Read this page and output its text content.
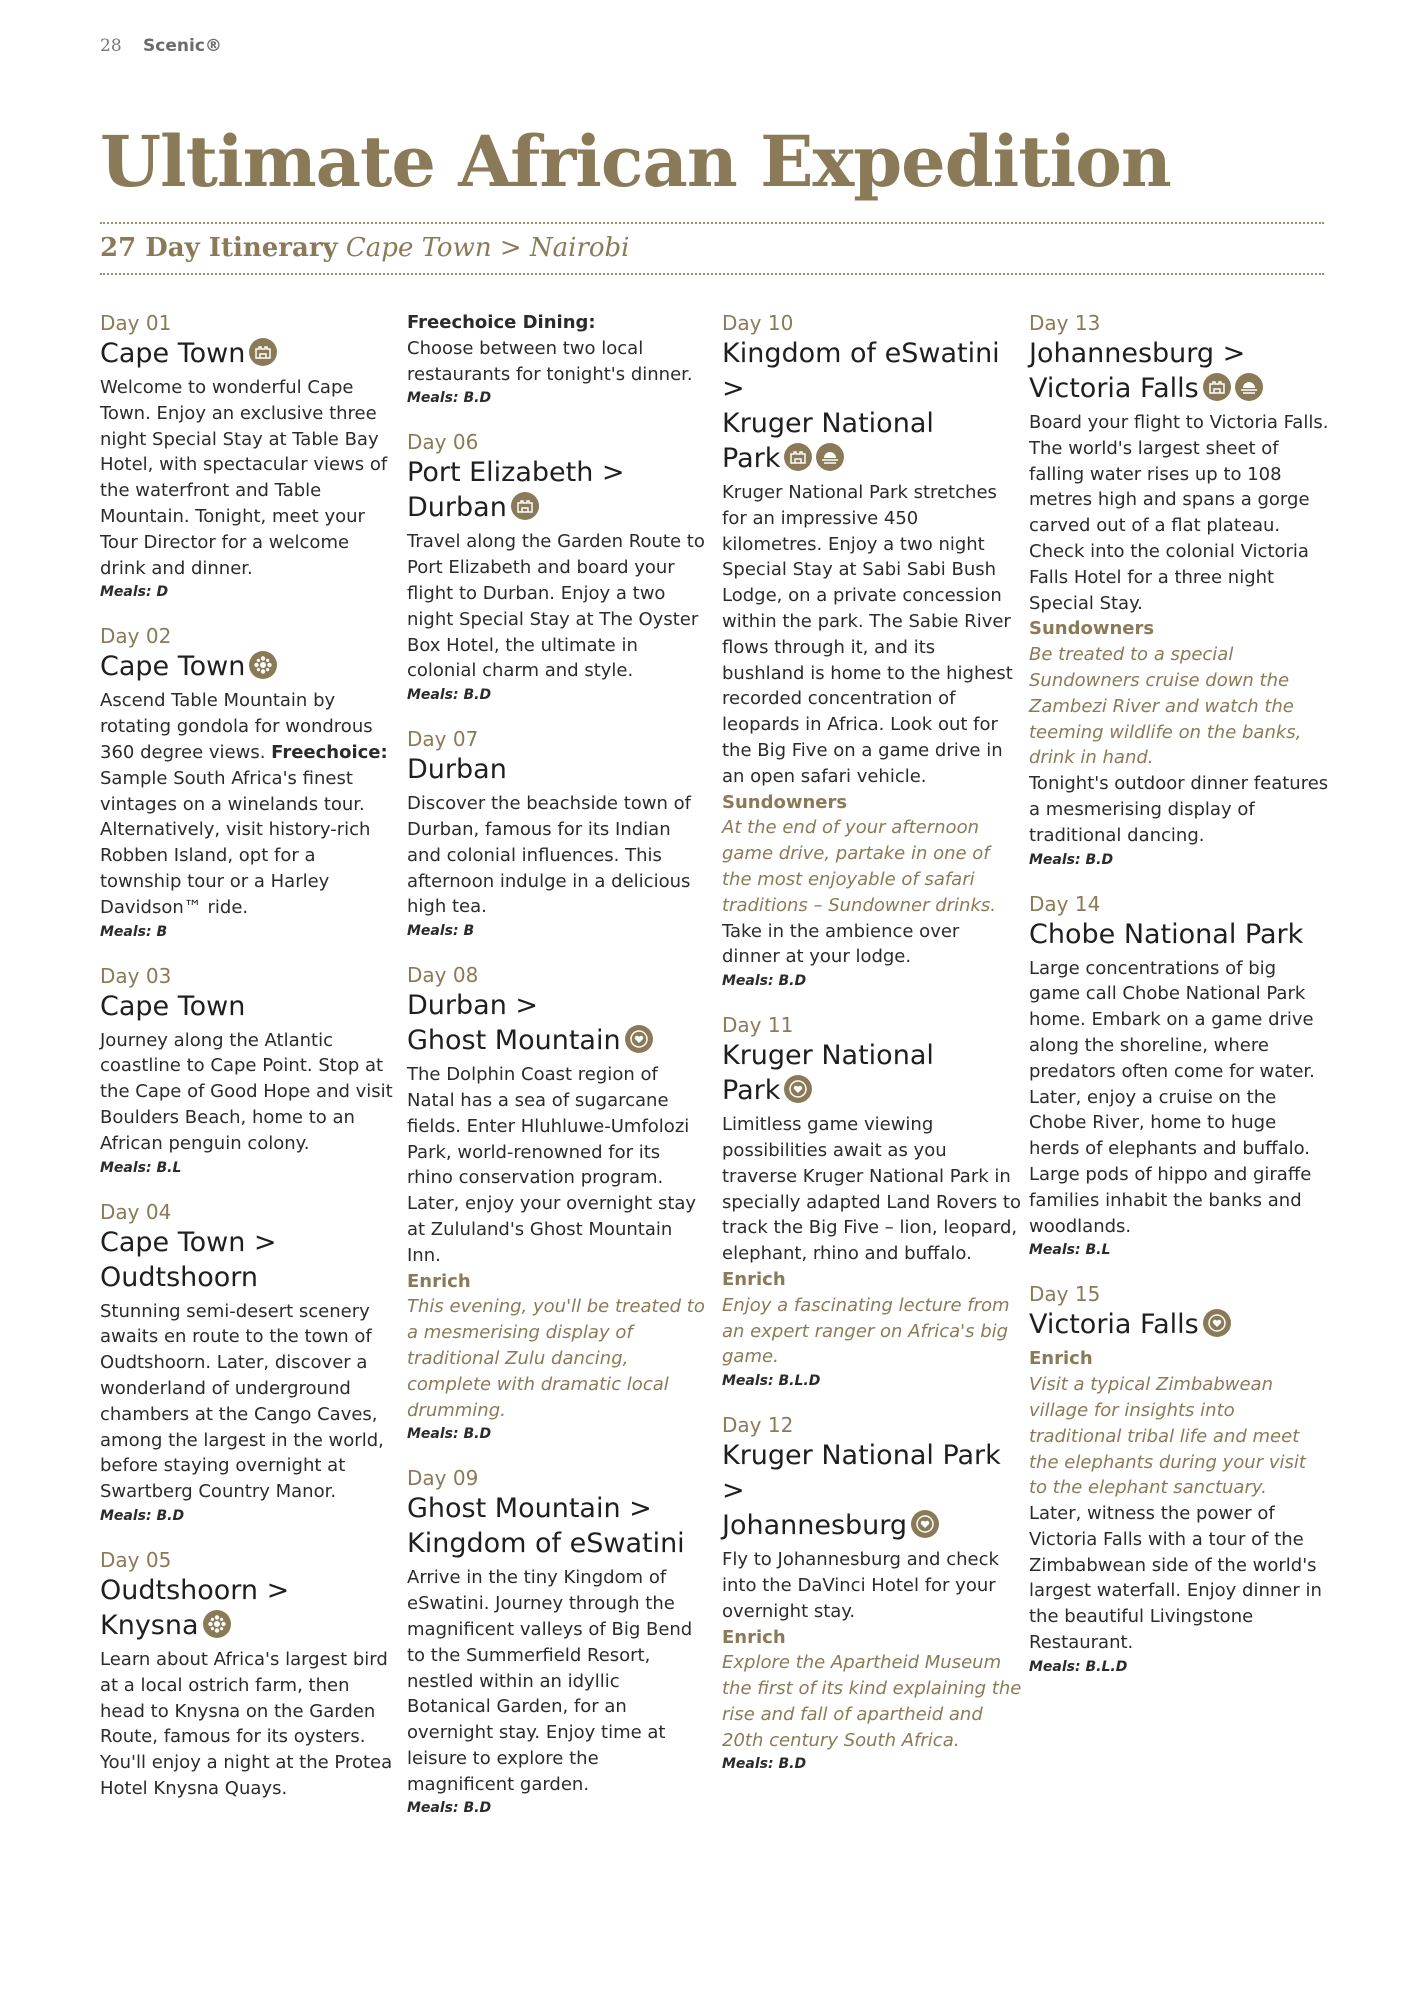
28 Scenic®
Ultimate African Expedition
27 Day Itinerary Cape Town > Nairobi
Day 01
Cape Town
Welcome to wonderful Cape Town. Enjoy an exclusive three night Special Stay at Table Bay Hotel, with spectacular views of the waterfront and Table Mountain. Tonight, meet your Tour Director for a welcome drink and dinner.
Meals: D
Day 02
Cape Town
Ascend Table Mountain by rotating gondola for wondrous 360 degree views. Freechoice: Sample South Africa's finest vintages on a winelands tour. Alternatively, visit history-rich Robben Island, opt for a township tour or a Harley Davidson™ ride.
Meals: B
Day 03
Cape Town
Journey along the Atlantic coastline to Cape Point. Stop at the Cape of Good Hope and visit Boulders Beach, home to an African penguin colony.
Meals: B.L
Day 04
Cape Town >
Oudtshoorn
Stunning semi-desert scenery awaits en route to the town of Oudtshoorn. Later, discover a wonderland of underground chambers at the Cango Caves, among the largest in the world, before staying overnight at Swartberg Country Manor.
Meals: B.D
Day 05
Oudtshoorn >
Knysna
Learn about Africa's largest bird at a local ostrich farm, then head to Knysna on the Garden Route, famous for its oysters. You'll enjoy a night at the Protea Hotel Knysna Quays.
Freechoice Dining:
Choose between two local restaurants for tonight's dinner.
Meals: B.D
Day 06
Port Elizabeth >
Durban
Travel along the Garden Route to Port Elizabeth and board your flight to Durban. Enjoy a two night Special Stay at The Oyster Box Hotel, the ultimate in colonial charm and style.
Meals: B.D
Day 07
Durban
Discover the beachside town of Durban, famous for its Indian and colonial influences. This afternoon indulge in a delicious high tea.
Meals: B
Day 08
Durban >
Ghost Mountain
The Dolphin Coast region of Natal has a sea of sugarcane fields. Enter Hluhluwe-Umfolozi Park, world-renowned for its rhino conservation program. Later, enjoy your overnight stay at Zululand's Ghost Mountain Inn.
Enrich
This evening, you'll be treated to a mesmerising display of traditional Zulu dancing, complete with dramatic local drumming.
Meals: B.D
Day 09
Ghost Mountain >
Kingdom of eSwatini
Arrive in the tiny Kingdom of eSwatini. Journey through the magnificent valleys of Big Bend to the Summerfield Resort, nestled within an idyllic Botanical Garden, for an overnight stay. Enjoy time at leisure to explore the magnificent garden.
Meals: B.D
Day 10
Kingdom of eSwatini >
Kruger National
Park
Kruger National Park stretches for an impressive 450 kilometres. Enjoy a two night Special Stay at Sabi Sabi Bush Lodge, on a private concession within the park. The Sabie River flows through it, and its bushland is home to the highest recorded concentration of leopards in Africa. Look out for the Big Five on a game drive in an open safari vehicle.
Sundowners
At the end of your afternoon game drive, partake in one of the most enjoyable of safari traditions – Sundowner drinks.
Take in the ambience over dinner at your lodge.
Meals: B.D
Day 11
Kruger National
Park
Limitless game viewing possibilities await as you traverse Kruger National Park in specially adapted Land Rovers to track the Big Five – lion, leopard, elephant, rhino and buffalo.
Enrich
Enjoy a fascinating lecture from an expert ranger on Africa's big game.
Meals: B.L.D
Day 12
Kruger National Park >
Johannesburg
Fly to Johannesburg and check into the DaVinci Hotel for your overnight stay.
Enrich
Explore the Apartheid Museum the first of its kind explaining the rise and fall of apartheid and 20th century South Africa.
Meals: B.D
Day 13
Johannesburg >
Victoria Falls
Board your flight to Victoria Falls. The world's largest sheet of falling water rises up to 108 metres high and spans a gorge carved out of a flat plateau. Check into the colonial Victoria Falls Hotel for a three night Special Stay.
Sundowners
Be treated to a special Sundowners cruise down the Zambezi River and watch the teeming wildlife on the banks, drink in hand.
Tonight's outdoor dinner features a mesmerising display of traditional dancing.
Meals: B.D
Day 14
Chobe National Park
Large concentrations of big game call Chobe National Park home. Embark on a game drive along the shoreline, where predators often come for water. Later, enjoy a cruise on the Chobe River, home to huge herds of elephants and buffalo. Large pods of hippo and giraffe families inhabit the banks and woodlands.
Meals: B.L
Day 15
Victoria Falls
Enrich
Visit a typical Zimbabwean village for insights into traditional tribal life and meet the elephants during your visit to the elephant sanctuary.
Later, witness the power of Victoria Falls with a tour of the Zimbabwean side of the world's largest waterfall. Enjoy dinner in the beautiful Livingstone Restaurant.
Meals: B.L.D
